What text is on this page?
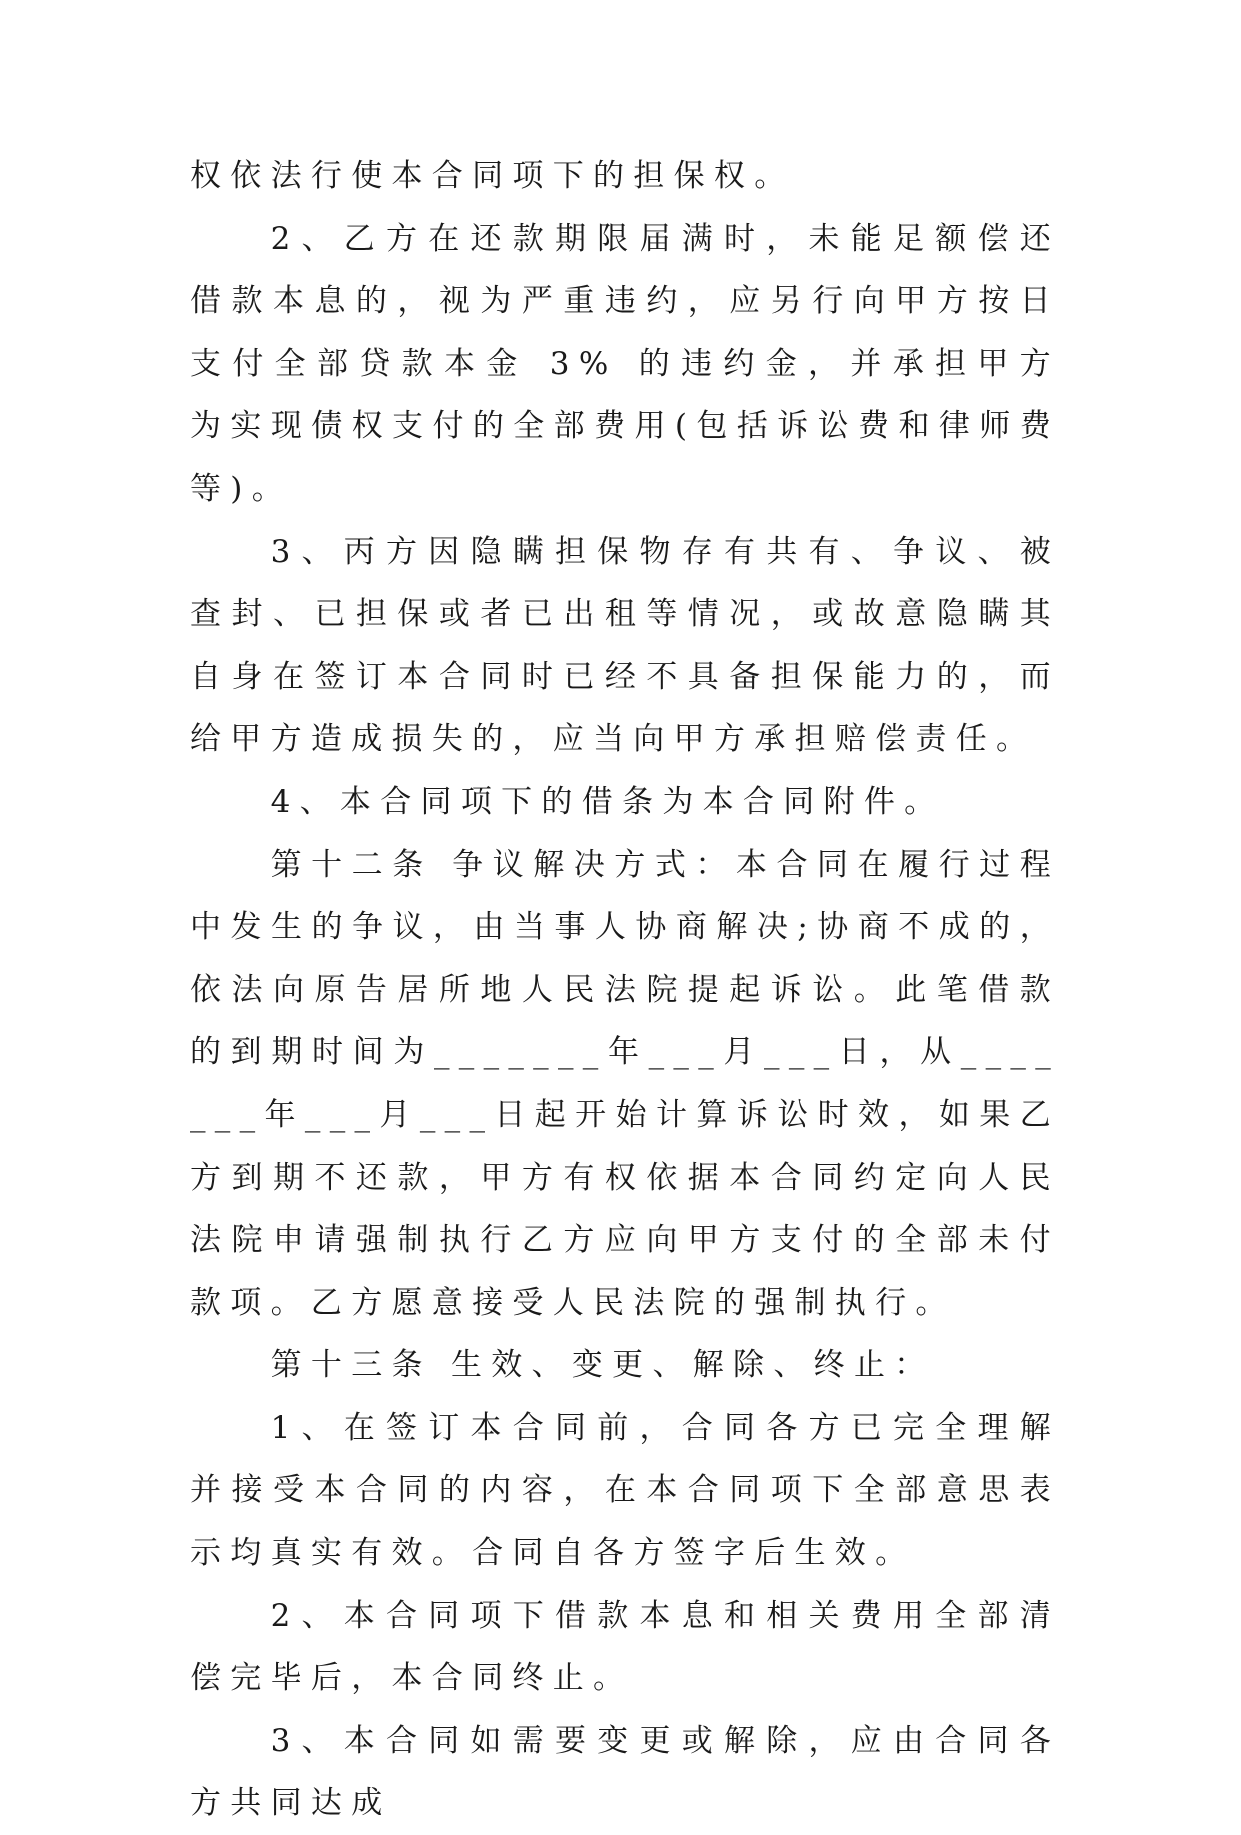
权依法行使本合同项下的担保权。

2、乙方在还款期限届满时，未能足额偿还借款本息的，视为严重违约，应另行向甲方按日支付全部贷款本金 3% 的违约金，并承担甲方为实现债权支付的全部费用(包括诉讼费和律师费等)。

3、丙方因隐瞒担保物存有共有、争议、被查封、已担保或者已出租等情况，或故意隐瞒其自身在签订本合同时已经不具备担保能力的，而给甲方造成损失的，应当向甲方承担赔偿责任。

4、本合同项下的借条为本合同附件。

第十二条 争议解决方式：本合同在履行过程中发生的争议，由当事人协商解决;协商不成的，依法向原告居所地人民法院提起诉讼。此笔借款的到期时间为_______年___月___日，从_______年___月___日起开始计算诉讼时效，如果乙方到期不还款，甲方有权依据本合同约定向人民法院申请强制执行乙方应向甲方支付的全部未付款项。乙方愿意接受人民法院的强制执行。

第十三条 生效、变更、解除、终止：

1、在签订本合同前，合同各方已完全理解并接受本合同的内容，在本合同项下全部意思表示均真实有效。合同自各方签字后生效。

2、本合同项下借款本息和相关费用全部清偿完毕后，本合同终止。

3、本合同如需要变更或解除，应由合同各方共同达成
